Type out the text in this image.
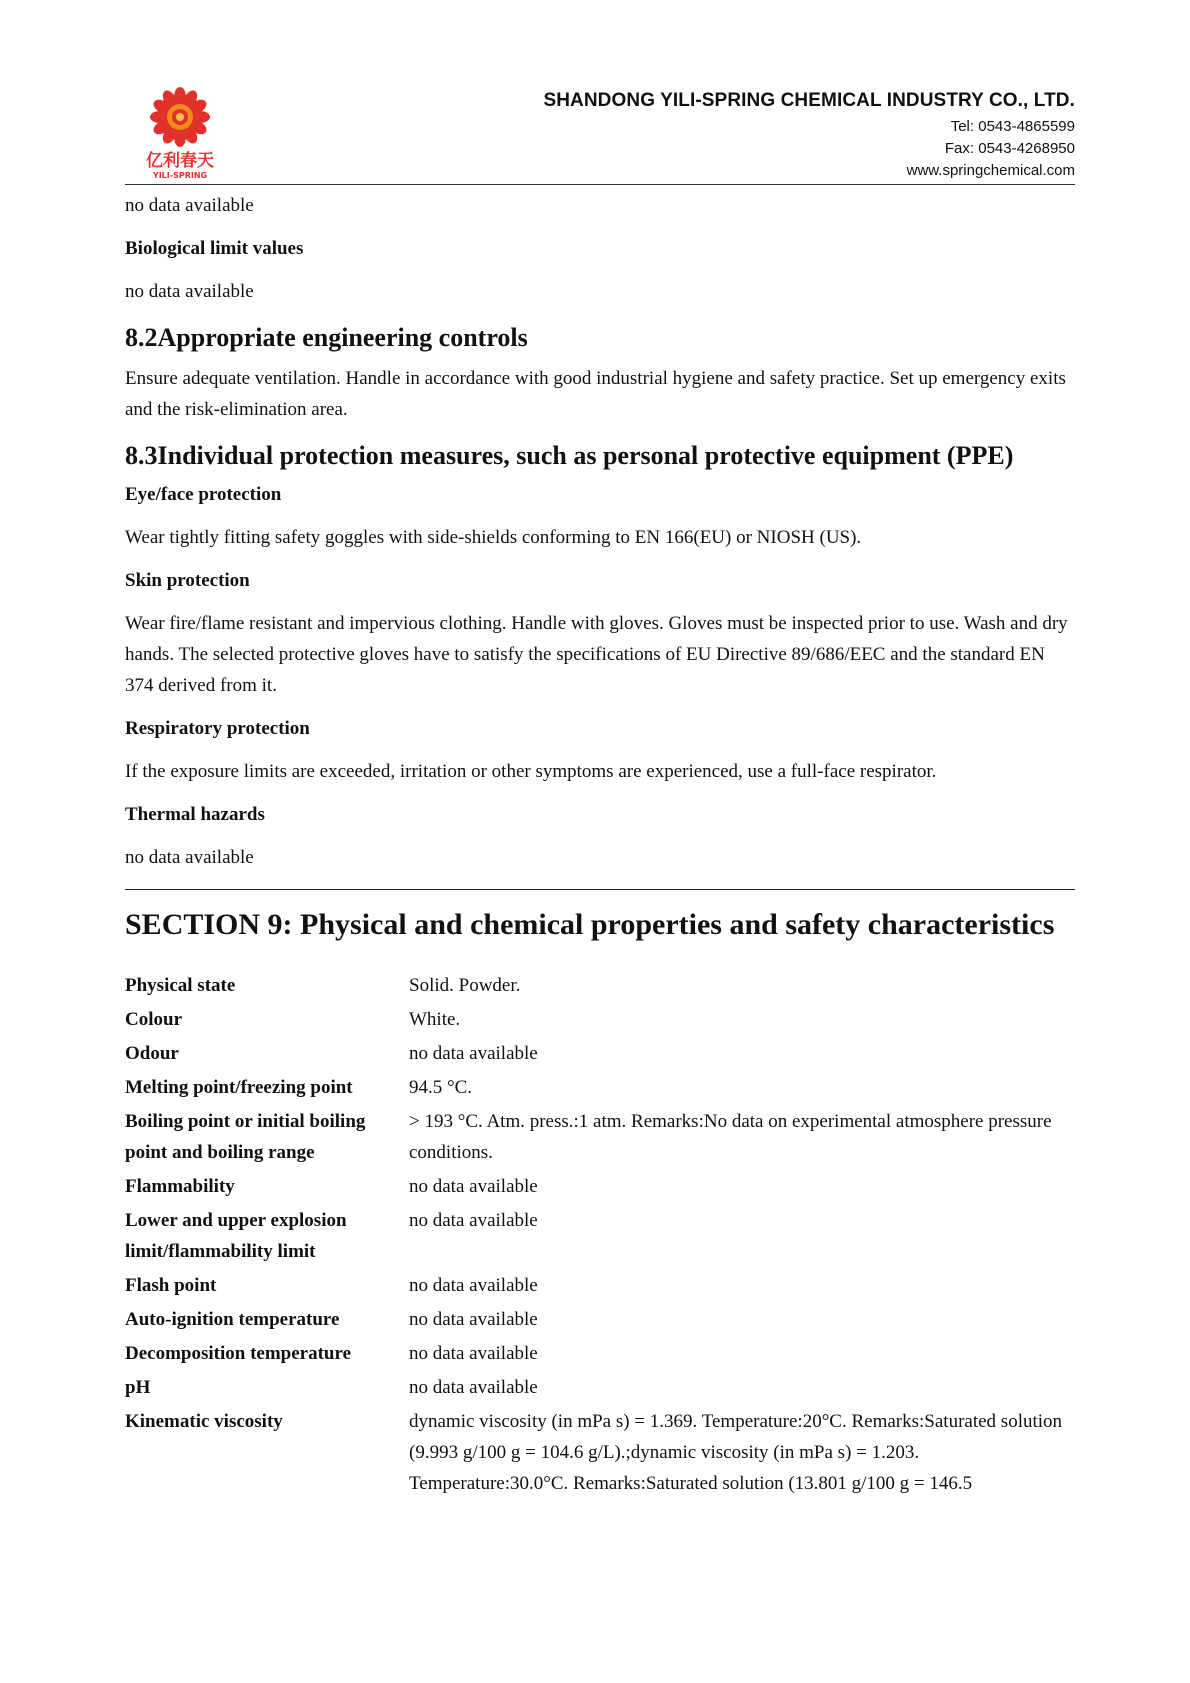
亿利春天
YILI-SPRING
SHANDONG YILI-SPRING CHEMICAL INDUSTRY CO., LTD.
Tel: 0543-4865599
Fax: 0543-4268950
www.springchemical.com

no data available

Biological limit values

no data available

8.2Appropriate engineering controls

Ensure adequate ventilation. Handle in accordance with good industrial hygiene and safety practice. Set up emergency exits and the risk-elimination area.

8.3Individual protection measures, such as personal protective equipment (PPE)
Eye/face protection

Wear tightly fitting safety goggles with side-shields conforming to EN 166(EU) or NIOSH (US).

Skin protection

Wear fire/flame resistant and impervious clothing. Handle with gloves. Gloves must be inspected prior to use. Wash and dry hands. The selected protective gloves have to satisfy the specifications of EU Directive 89/686/EEC and the standard EN 374 derived from it.

Respiratory protection

If the exposure limits are exceeded, irritation or other symptoms are experienced, use a full-face respirator.

Thermal hazards

no data available

SECTION 9: Physical and chemical properties and safety characteristics
Physical state	Solid. Powder.
Colour	White.
Odour	no data available
Melting point/freezing point	94.5 °C.
Boiling point or initial boiling point and boiling range	> 193 °C. Atm. press.:1 atm. Remarks:No data on experimental atmosphere pressure conditions.
Flammability	no data available
Lower and upper explosion limit/flammability limit	no data available
Flash point	no data available
Auto-ignition temperature	no data available
Decomposition temperature	no data available
pH	no data available
Kinematic viscosity	dynamic viscosity (in mPa s) = 1.369. Temperature:20°C. Remarks:Saturated solution (9.993 g/100 g = 104.6 g/L).;dynamic viscosity (in mPa s) = 1.203. Temperature:30.0°C. Remarks:Saturated solution (13.801 g/100 g = 146.5
